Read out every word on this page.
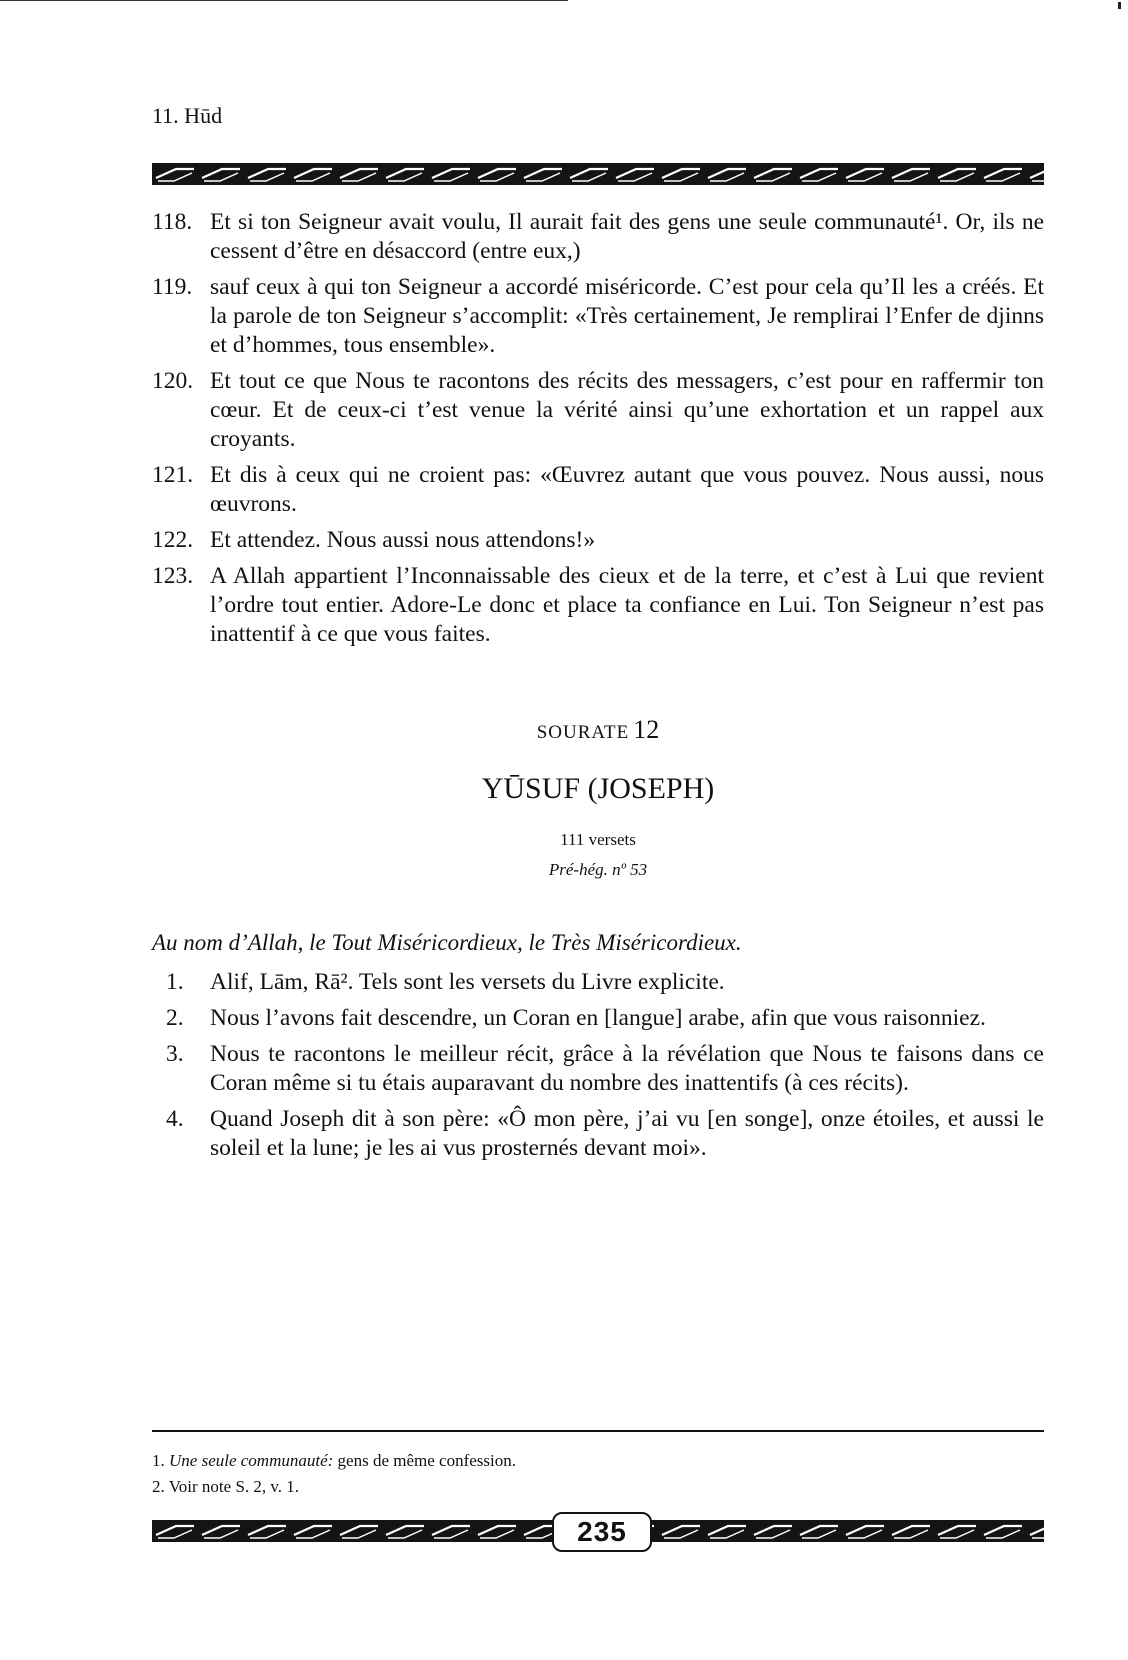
11. Hūd
118. Et si ton Seigneur avait voulu, Il aurait fait des gens une seule communauté¹. Or, ils ne cessent d’être en désaccord (entre eux,)
119. sauf ceux à qui ton Seigneur a accordé miséricorde. C’est pour cela qu’Il les a créés. Et la parole de ton Seigneur s’accomplit: «Très certainement, Je remplirai l’Enfer de djinns et d’hommes, tous ensemble».
120. Et tout ce que Nous te racontons des récits des messagers, c’est pour en raffermir ton cœur. Et de ceux-ci t’est venue la vérité ainsi qu’une exhortation et un rappel aux croyants.
121. Et dis à ceux qui ne croient pas: «Œuvrez autant que vous pouvez. Nous aussi, nous œuvrons.
122. Et attendez. Nous aussi nous attendons!»
123. A Allah appartient l’Inconnaissable des cieux et de la terre, et c’est à Lui que revient l’ordre tout entier. Adore-Le donc et place ta confiance en Lui. Ton Seigneur n’est pas inattentif à ce que vous faites.
SOURATE 12
YŪSUF (JOSEPH)
111 versets
Pré-hég. nº 53
Au nom d’Allah, le Tout Miséricordieux, le Très Miséricordieux.
1. Alif, Lām, Rā². Tels sont les versets du Livre explicite.
2. Nous l’avons fait descendre, un Coran en [langue] arabe, afin que vous raisonniez.
3. Nous te racontons le meilleur récit, grâce à la révélation que Nous te faisons dans ce Coran même si tu étais auparavant du nombre des inattentifs (à ces récits).
4. Quand Joseph dit à son père: «Ô mon père, j’ai vu [en songe], onze étoiles, et aussi le soleil et la lune; je les ai vus prosternés devant moi».
1. Une seule communauté: gens de même confession.
2. Voir note S. 2, v. 1.
235
